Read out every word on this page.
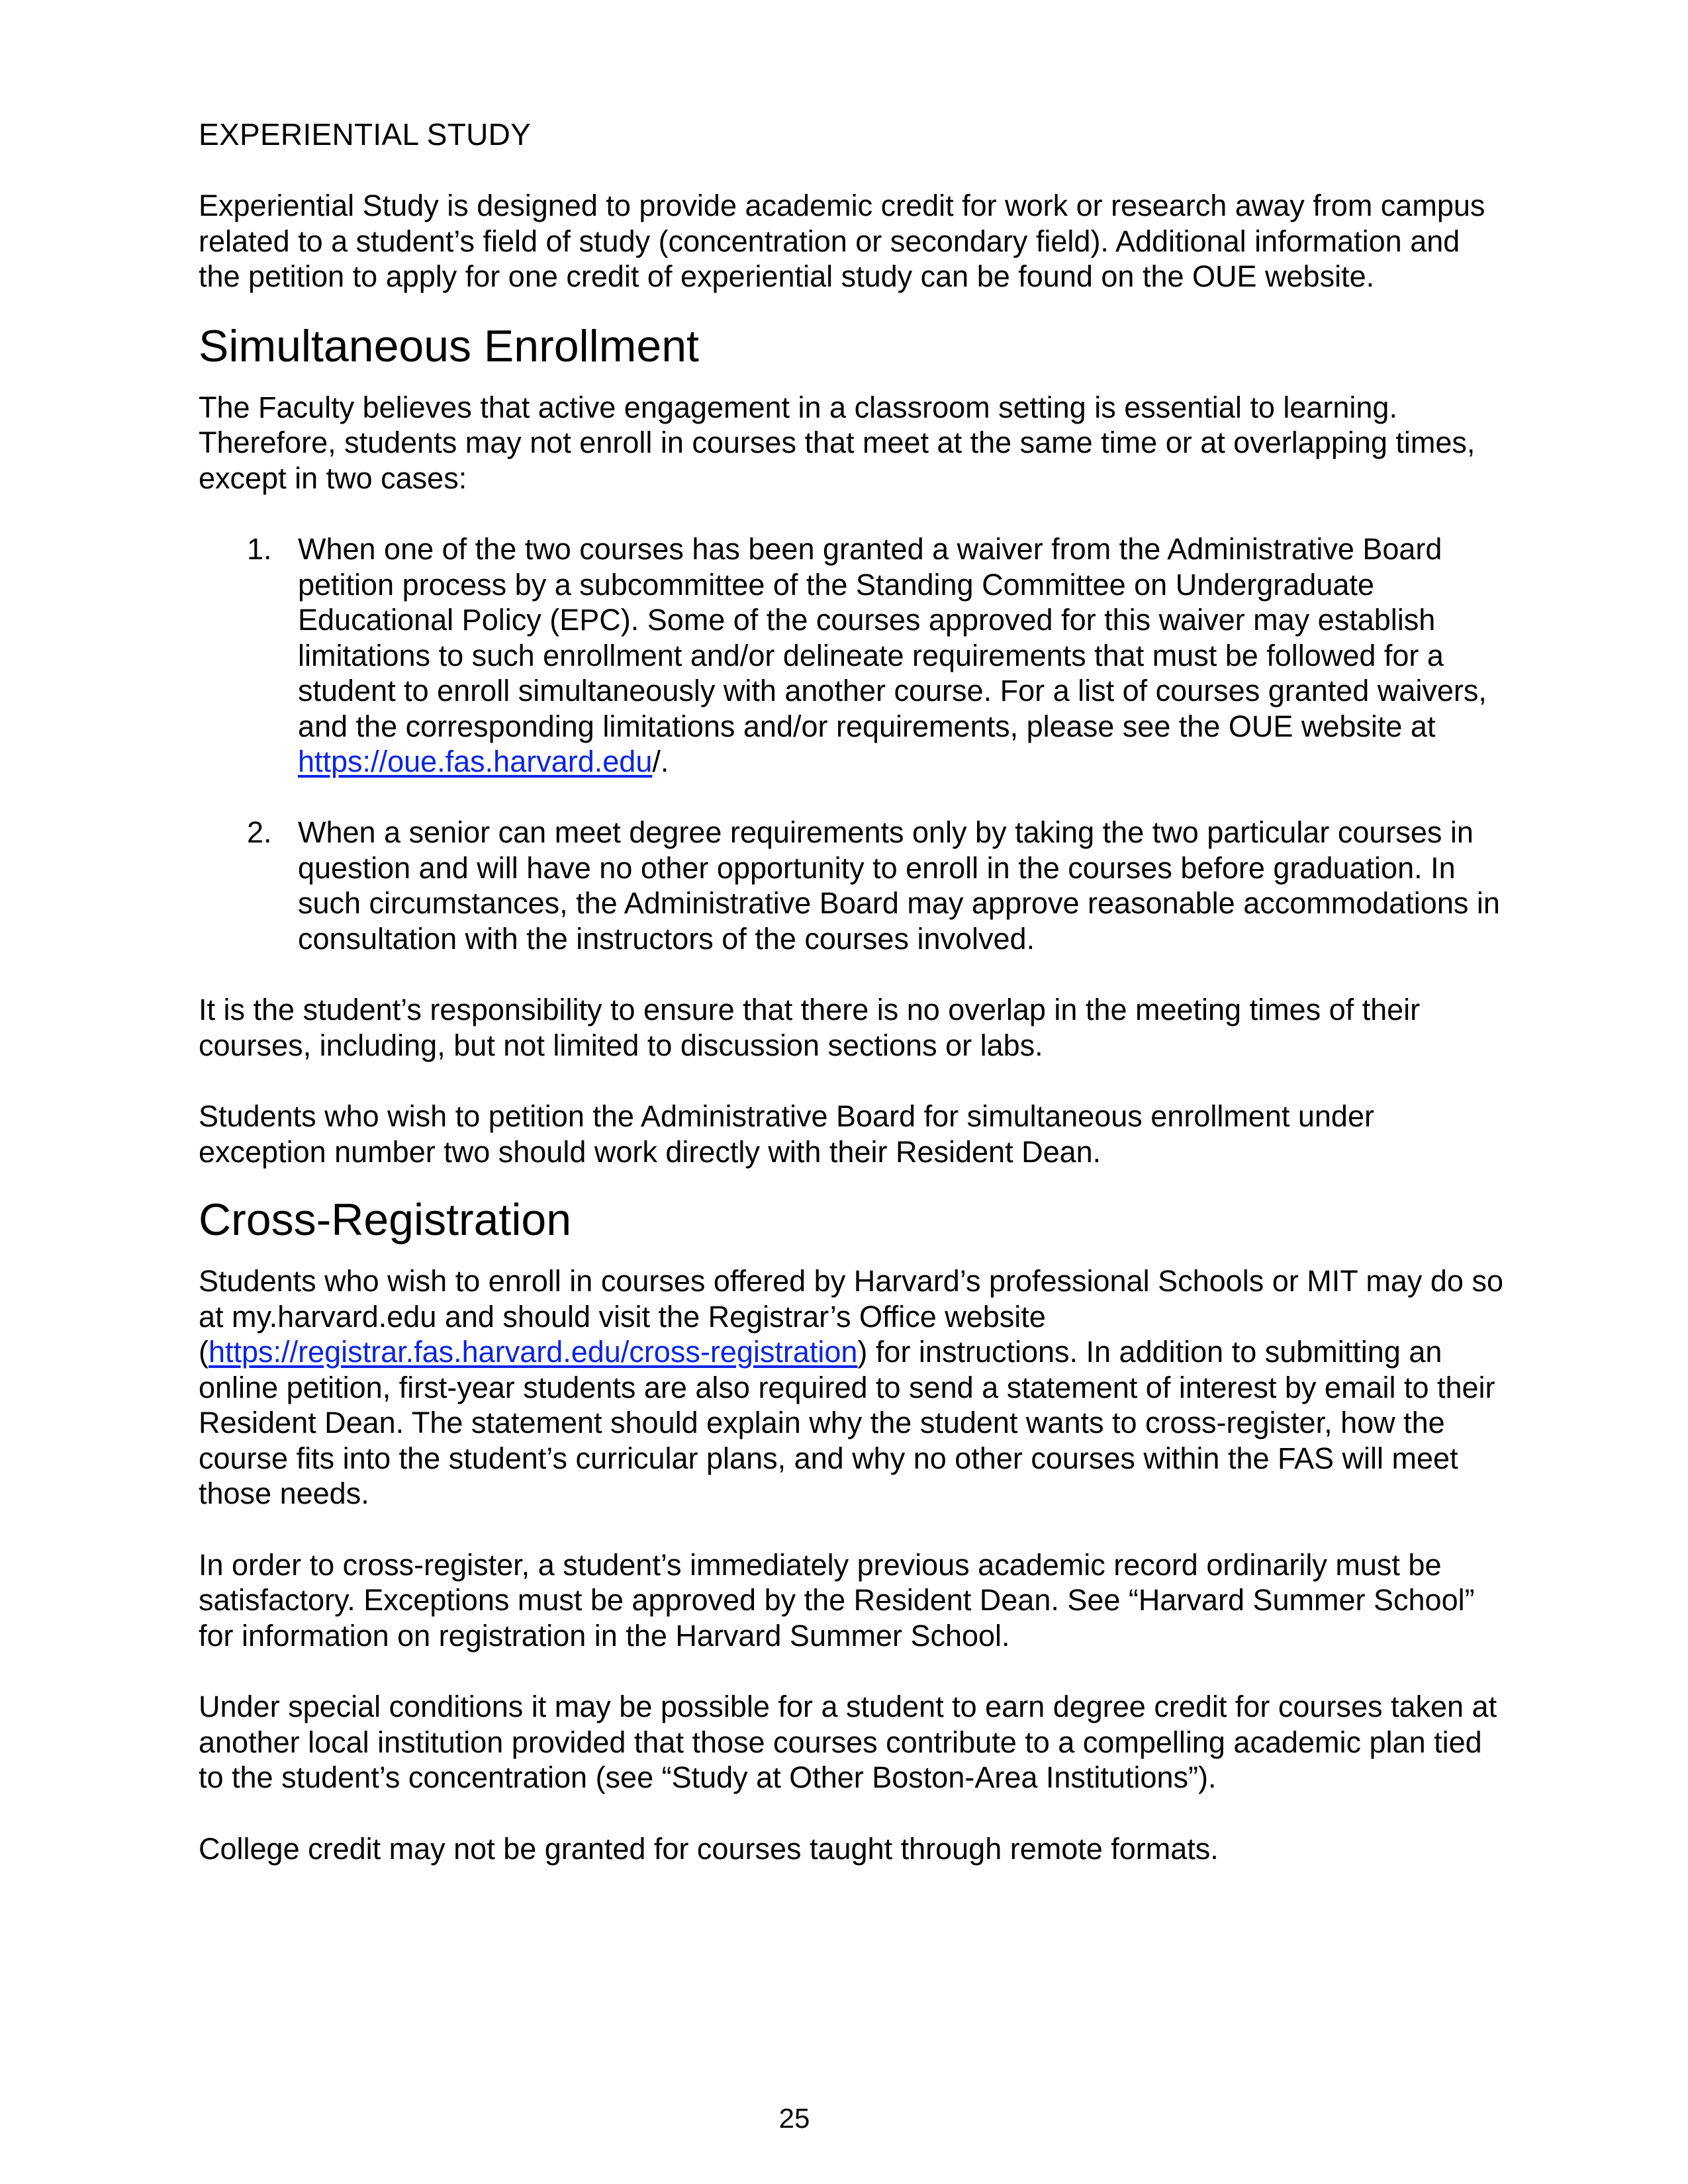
EXPERIENTIAL STUDY

Experiential Study is designed to provide academic credit for work or research away from campus related to a student’s field of study (concentration or secondary field). Additional information and the petition to apply for one credit of experiential study can be found on the OUE website.

Simultaneous Enrollment

The Faculty believes that active engagement in a classroom setting is essential to learning. Therefore, students may not enroll in courses that meet at the same time or at overlapping times, except in two cases:

1. When one of the two courses has been granted a waiver from the Administrative Board petition process by a subcommittee of the Standing Committee on Undergraduate Educational Policy (EPC). Some of the courses approved for this waiver may establish limitations to such enrollment and/or delineate requirements that must be followed for a student to enroll simultaneously with another course. For a list of courses granted waivers, and the corresponding limitations and/or requirements, please see the OUE website at https://oue.fas.harvard.edu/.
2. When a senior can meet degree requirements only by taking the two particular courses in question and will have no other opportunity to enroll in the courses before graduation. In such circumstances, the Administrative Board may approve reasonable accommodations in consultation with the instructors of the courses involved.

It is the student’s responsibility to ensure that there is no overlap in the meeting times of their courses, including, but not limited to discussion sections or labs.

Students who wish to petition the Administrative Board for simultaneous enrollment under exception number two should work directly with their Resident Dean.

Cross-Registration

Students who wish to enroll in courses offered by Harvard’s professional Schools or MIT may do so at my.harvard.edu and should visit the Registrar’s Office website (https://registrar.fas.harvard.edu/cross-registration) for instructions. In addition to submitting an online petition, first-year students are also required to send a statement of interest by email to their Resident Dean. The statement should explain why the student wants to cross-register, how the course fits into the student’s curricular plans, and why no other courses within the FAS will meet those needs.

In order to cross-register, a student’s immediately previous academic record ordinarily must be satisfactory. Exceptions must be approved by the Resident Dean. See “Harvard Summer School” for information on registration in the Harvard Summer School.

Under special conditions it may be possible for a student to earn degree credit for courses taken at another local institution provided that those courses contribute to a compelling academic plan tied to the student’s concentration (see “Study at Other Boston-Area Institutions”).

College credit may not be granted for courses taught through remote formats.

25
